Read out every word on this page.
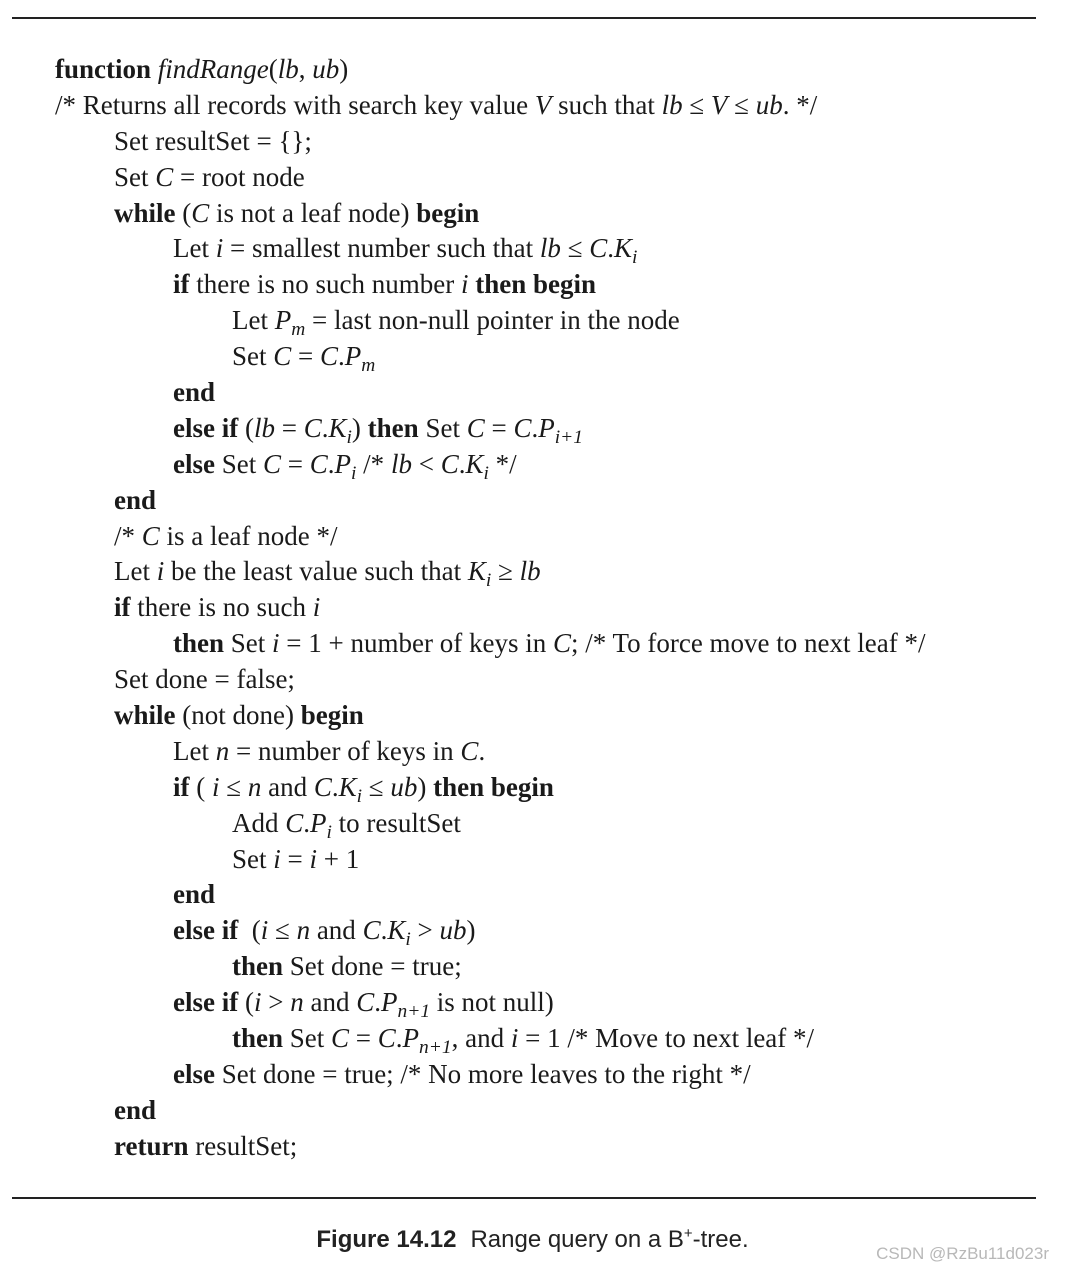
function findRange(lb, ub)
/* Returns all records with search key value V such that lb ≤ V ≤ ub. */
Set resultSet = {};
Set C = root node
while (C is not a leaf node) begin
Let i = smallest number such that lb ≤ $C.K_i$
if there is no such number i then begin
Let $P_m$ = last non-null pointer in the node
Set $C = C.P_m$
end
else if $(lb = C.K_i)$ then Set $C = C.P_{i+1}$
else Set $C = C.P_i$ /* lb < $C.K_i$ */
end
/* C is a leaf node */
Let i be the least value such that $K_i$ ≥ lb
if there is no such i
then Set i = 1 + number of keys in C; /* To force move to next leaf */
Set done = false;
while (not done) begin
Let n = number of keys in C.
if ( i ≤ n and $C.K_i \le ub$) then begin
Add $C.P_i$ to resultSet
Set i = i + 1
end
else if  (i ≤ n and $C.K_i > ub$)
then Set done = true;
else if (i > n and $C.P_{n+1}$ is not null)
then Set $C = C.P_{n+1}$, and i = 1 /* Move to next leaf */
else Set done = true; /* No more leaves to the right */
end
return resultSet;
Figure 14.12 Range query on a B+-tree.
CSDN @RzBu11d023r
